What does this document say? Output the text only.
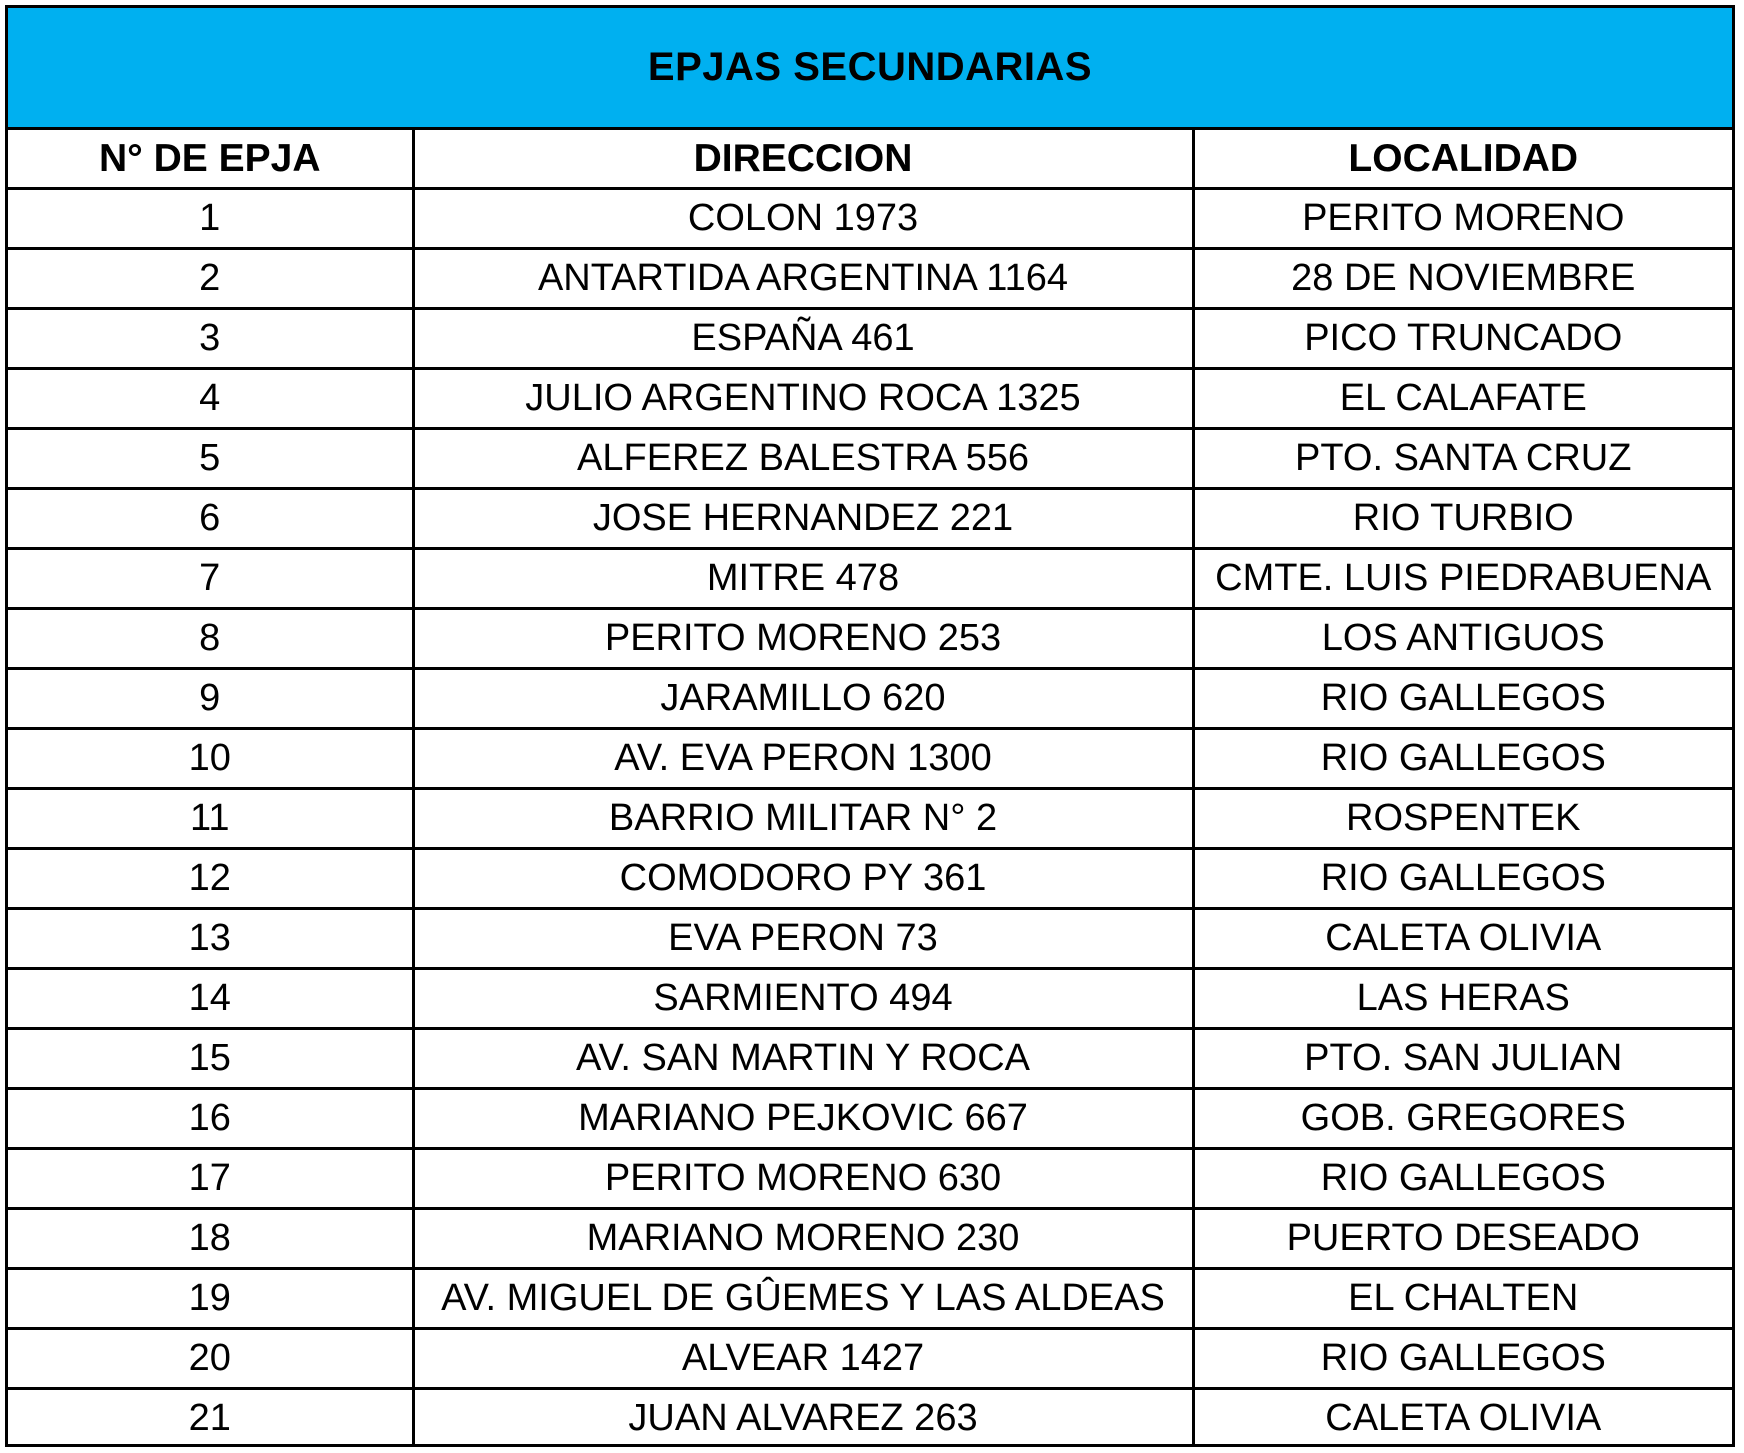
EPJAS SECUNDARIAS
N° DE EPJA	DIRECCION	LOCALIDAD
1	COLON 1973	PERITO MORENO
2	ANTARTIDA ARGENTINA 1164	28 DE NOVIEMBRE
3	ESPAÑA 461	PICO TRUNCADO
4	JULIO ARGENTINO ROCA 1325	EL CALAFATE
5	ALFEREZ BALESTRA 556	PTO. SANTA CRUZ
6	JOSE HERNANDEZ 221	RIO TURBIO
7	MITRE 478	CMTE. LUIS PIEDRABUENA
8	PERITO MORENO 253	LOS ANTIGUOS
9	JARAMILLO 620	RIO GALLEGOS
10	AV. EVA PERON 1300	RIO GALLEGOS
11	BARRIO MILITAR N° 2	ROSPENTEK
12	COMODORO PY 361	RIO GALLEGOS
13	EVA PERON 73	CALETA OLIVIA
14	SARMIENTO 494	LAS HERAS
15	AV. SAN MARTIN Y ROCA	PTO. SAN JULIAN
16	MARIANO PEJKOVIC 667	GOB. GREGORES
17	PERITO MORENO 630	RIO GALLEGOS
18	MARIANO MORENO 230	PUERTO DESEADO
19	AV. MIGUEL DE GÛEMES Y LAS ALDEAS	EL CHALTEN
20	ALVEAR 1427	RIO GALLEGOS
21	JUAN ALVAREZ 263	CALETA OLIVIA
